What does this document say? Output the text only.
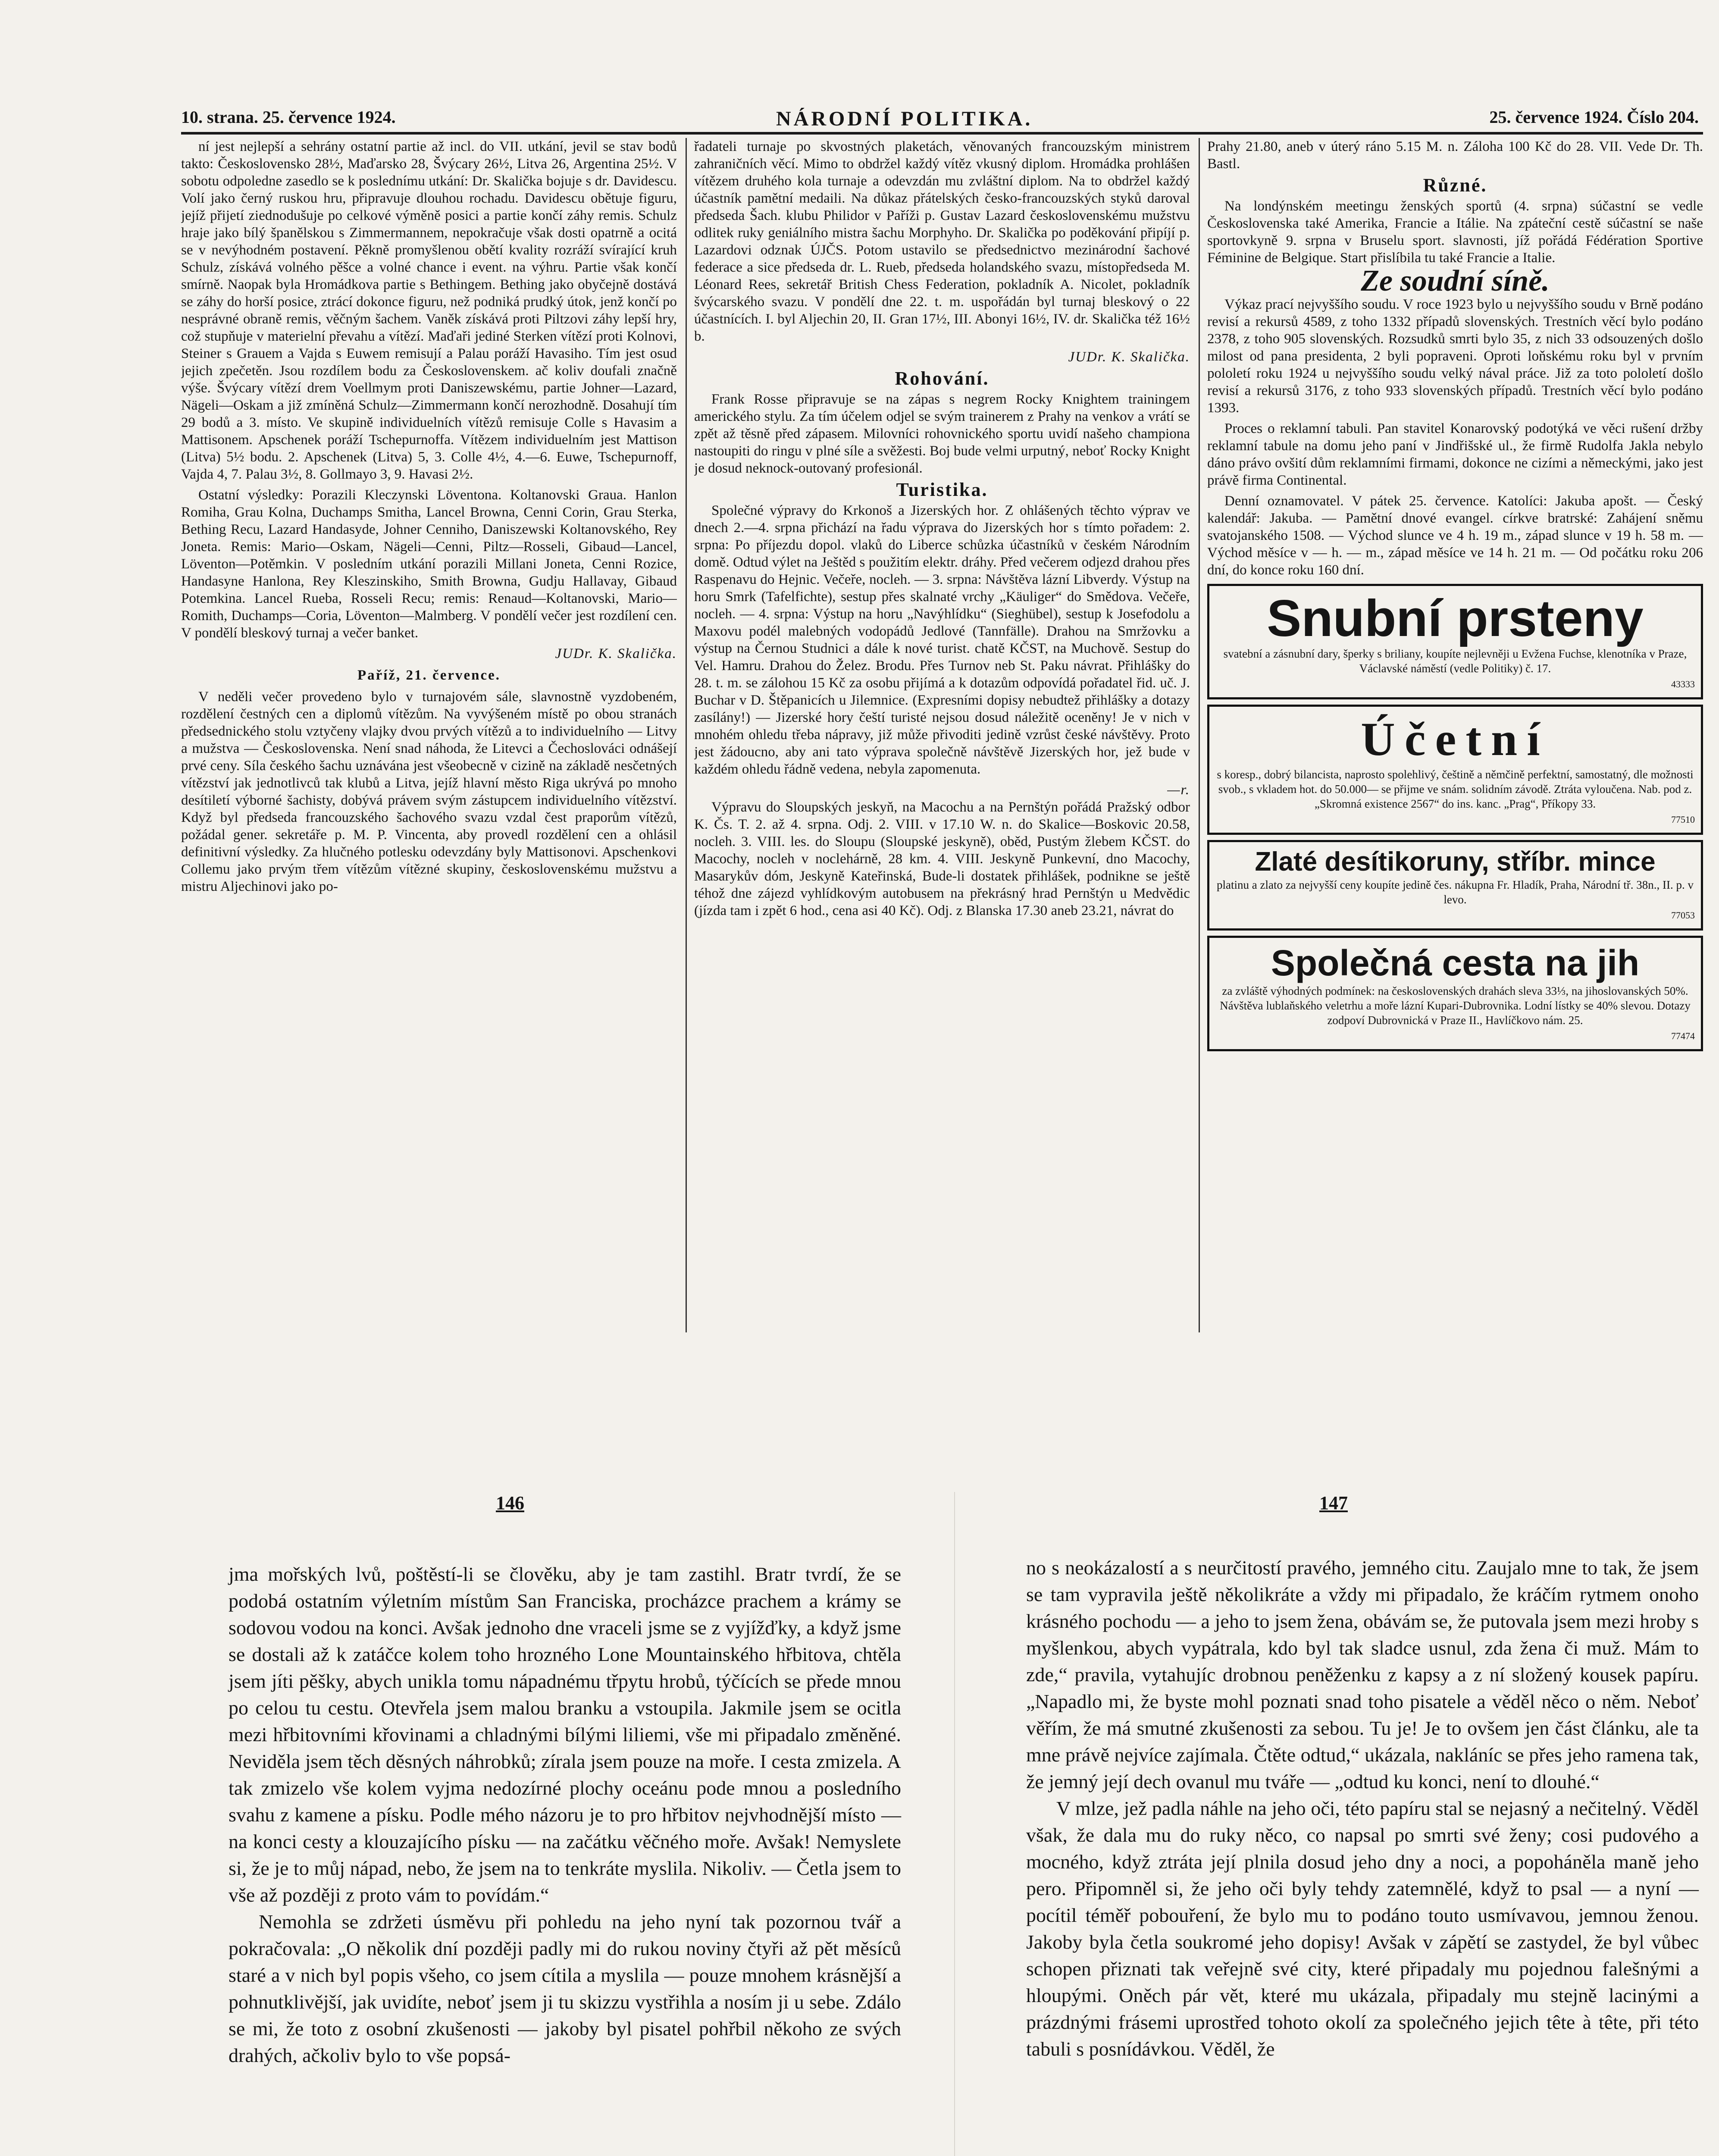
10. strana. 25. července 1924.	NÁRODNÍ POLITIKA.	25. července 1924. Číslo 204.

ní jest nejlepší a sehrány ostatní partie až incl. do VII. utkání, jevil se stav bodů takto: Československo 28½, Maďarsko 28, Švýcary 26½, Litva 26, Argentina 25½. V sobotu odpoledne zasedlo se k poslednímu utkání: Dr. Skalička bojuje s dr. Davidescu. Volí jako černý ruskou hru, připravuje dlouhou rochadu. Davidescu obětuje figuru, jejíž přijetí ziednodušuje po celkové výměně posici a partie končí záhy remis. Schulz hraje jako bílý španělskou s Zimmermannem, nepokračuje však dosti opatrně a ocitá se v nevýhodném postavení. Pěkně promyšlenou obětí kvality rozráží svírající kruh Schulz, získává volného pěšce a volné chance i event. na výhru. Partie však končí smírně. Naopak byla Hromádkova partie s Bethingem. Bething jako obyčejně dostává se záhy do horší posice, ztrácí dokonce figuru, než podniká prudký útok, jenž končí po nesprávné obraně remis, věčným šachem. Vaněk získává proti Piltzovi záhy lepší hry, což stupňuje v materielní převahu a vítězí. Maďaři jediné Sterken vítězí proti Kolnovi, Steiner s Grauem a Vajda s Euwem remisují a Palau poráží Havasiho. Tím jest osud jejich zpečetěn. Jsou rozdílem bodu za Československem. ač koliv doufali značně výše. Švýcary vítězí drem Voellmym proti Daniszewskému, partie Johner—Lazard, Nägeli—Oskam a již zmíněná Schulz—Zimmermann končí nerozhodně. Dosahují tím 29 bodů a 3. místo. Ve skupině individuelních vítězů remisuje Colle s Havasim a Mattisonem. Apschenek poráží Tschepurnoffa. Vítězem individuelním jest Mattison (Litva) 5½ bodu. 2. Apschenek (Litva) 5, 3. Colle 4½, 4.—6. Euwe, Tschepurnoff, Vajda 4, 7. Palau 3½, 8. Gollmayo 3, 9. Havasi 2½.

Ostatní výsledky: Porazili Kleczynski Löventona. Koltanovski Graua. Hanlon Romiha, Grau Kolna, Duchamps Smitha, Lancel Browna, Cenni Corin, Grau Sterka, Bething Recu, Lazard Handasyde, Johner Cenniho, Daniszewski Koltanovského, Rey Joneta. Remis: Mario—Oskam, Nägeli—Cenni, Piltz—Rosseli, Gibaud—Lancel, Löventon—Potěmkin. V posledním utkání porazili Millani Joneta, Cenni Rozice, Handasyne Hanlona, Rey Kleszinskiho, Smith Browna, Gudju Hallavay, Gibaud Potemkina. Lancel Rueba, Rosseli Recu; remis: Renaud—Koltanovski, Mario—Romith, Duchamps—Coria, Löventon—Malmberg. V pondělí večer jest rozdílení cen. V pondělí bleskový turnaj a večer banket.

JUDr. K. Skalička.
Paříž, 21. července.

V neděli večer provedeno bylo v turnajovém sále, slavnostně vyzdobeném, rozdělení čestných cen a diplomů vítězům. Na vyvýšeném místě po obou stranách předsednického stolu vztyčeny vlajky dvou prvých vítězů a to individuelního — Litvy a mužstva — Československa. Není snad náhoda, že Litevci a Čechoslováci odnášejí prvé ceny. Síla českého šachu uznávána jest všeobecně v cizině na základě nesčetných vítězství jak jednotlivců tak klubů a Litva, jejíž hlavní město Riga ukrývá po mnoho desítiletí výborné šachisty, dobývá právem svým zástupcem individuelního vítězství. Když byl předseda francouzského šachového svazu vzdal čest praporům vítězů, požádal gener. sekretáře p. M. P. Vincenta, aby provedl rozdělení cen a ohlásil definitivní výsledky. Za hlučného potlesku odevzdány byly Mattisonovi. Apschenkovi Collemu jako prvým třem vítězům vítězné skupiny, československému mužstvu a mistru Aljechinovi jako po-

řadateli turnaje po skvostných plaketách, věnovaných francouzským ministrem zahraničních věcí. Mimo to obdržel každý vítěz vkusný diplom. Hromádka prohlášen vítězem druhého kola turnaje a odevzdán mu zvláštní diplom. Na to obdržel každý účastník pamětní medaili. Na důkaz přátelských česko-francouzských styků daroval předseda Šach. klubu Philidor v Paříži p. Gustav Lazard československému mužstvu odlitek ruky geniálního mistra šachu Morphyho. Dr. Skalička po poděkování připíjí p. Lazardovi odznak ÚJČS. Potom ustavilo se předsednictvo mezinárodní šachové federace a sice předseda dr. L. Rueb, předseda holandského svazu, místopředseda M. Léonard Rees, sekretář British Chess Federation, pokladník A. Nicolet, pokladník švýcarského svazu. V pondělí dne 22. t. m. uspořádán byl turnaj bleskový o 22 účastnících. I. byl Aljechin 20, II. Gran 17½, III. Abonyi 16½, IV. dr. Skalička též 16½ b.

JUDr. K. Skalička.
Rohování.

Frank Rosse připravuje se na zápas s negrem Rocky Knightem trainingem amerického stylu. Za tím účelem odjel se svým trainerem z Prahy na venkov a vrátí se zpět až těsně před zápasem. Milovníci rohovnického sportu uvidí našeho championa nastoupiti do ringu v plné síle a svěžesti. Boj bude velmi urputný, neboť Rocky Knight je dosud neknock-outovaný profesionál.

Turistika.

Společné výpravy do Krkonoš a Jizerských hor. Z ohlášených těchto výprav ve dnech 2.—4. srpna přichází na řadu výprava do Jizerských hor s tímto pořadem: 2. srpna: Po příjezdu dopol. vlaků do Liberce schůzka účastníků v českém Národním domě. Odtud výlet na Ještěd s použitím elektr. dráhy. Před večerem odjezd drahou přes Raspenavu do Hejnic. Večeře, nocleh. — 3. srpna: Návštěva lázní Libverdy. Výstup na horu Smrk (Tafelfichte), sestup přes skalnaté vrchy „Käuliger“ do Smědova. Večeře, nocleh. — 4. srpna: Výstup na horu „Navýhlídku“ (Sieghübel), sestup k Josefodolu a Maxovu podél malebných vodopádů Jedlové (Tannfälle). Drahou na Smržovku a výstup na Černou Studnici a dále k nové turist. chatě KČST, na Muchově. Sestup do Vel. Hamru. Drahou do Želez. Brodu. Přes Turnov neb St. Paku návrat. Přihlášky do 28. t. m. se zálohou 15 Kč za osobu přijímá a k dotazům odpovídá pořadatel řid. uč. J. Buchar v D. Štěpanicích u Jilemnice. (Expresními dopisy nebudtež přihlášky a dotazy zasílány!) — Jizerské hory čeští turisté nejsou dosud náležitě oceněny! Je v nich v mnohém ohledu třeba nápravy, již může přivoditi jedině vzrůst české návštěvy. Proto jest žádoucno, aby ani tato výprava společně návštěvě Jizerských hor, jež bude v každém ohledu řádně vedena, nebyla zapomenuta.

—r.

Výpravu do Sloupských jeskyň, na Macochu a na Pernštýn pořádá Pražský odbor K. Čs. T. 2. až 4. srpna. Odj. 2. VIII. v 17.10 W. n. do Skalice—Boskovic 20.58, nocleh. 3. VIII. les. do Sloupu (Sloupské jeskyně), oběd, Pustým žlebem KČST. do Macochy, nocleh v noclehárně, 28 km. 4. VIII. Jeskyně Punkevní, dno Macochy, Masarykův dóm, Jeskyně Kateřinská, Bude-li dostatek přihlášek, podnikne se ještě téhož dne zájezd vyhlídkovým autobusem na překrásný hrad Pernštýn u Medvědic (jízda tam i zpět 6 hod., cena asi 40 Kč). Odj. z Blanska 17.30 aneb 23.21, návrat do

Prahy 21.80, aneb v úterý ráno 5.15 M. n. Záloha 100 Kč do 28. VII. Vede Dr. Th. Bastl.

Různé.

Na londýnském meetingu ženských sportů (4. srpna) súčastní se vedle Československa také Amerika, Francie a Itálie. Na zpáteční cestě súčastní se naše sportovkyně 9. srpna v Bruselu sport. slavnosti, jíž pořádá Fédération Sportive Féminine de Belgique. Start přislíbila tu také Francie a Italie.

Ze soudní síně.

Výkaz prací nejvyššího soudu. V roce 1923 bylo u nejvyššího soudu v Brně podáno revisí a rekursů 4589, z toho 1332 případů slovenských. Trestních věcí bylo podáno 2378, z toho 905 slovenských. Rozsudků smrti bylo 35, z nich 33 odsouzených došlo milost od pana presidenta, 2 byli popraveni. Oproti loňskému roku byl v prvním pololetí roku 1924 u nejvyššího soudu velký nával práce. Již za toto pololetí došlo revisí a rekursů 3176, z toho 933 slovenských případů. Trestních věcí bylo podáno 1393.

Proces o reklamní tabuli. Pan stavitel Konarovský podotýká ve věci rušení držby reklamní tabule na domu jeho paní v Jindřišské ul., že firmě Rudolfa Jakla nebylo dáno právo ovšití dům reklamními firmami, dokonce ne cizími a německými, jako jest právě firma Continental.

Denní oznamovatel. V pátek 25. července. Katolíci: Jakuba apošt. — Český kalendář: Jakuba. — Pamětní dnové evangel. církve bratrské: Zahájení sněmu svatojanského 1508. — Východ slunce ve 4 h. 19 m., západ slunce v 19 h. 58 m. — Východ měsíce v — h. — m., západ měsíce ve 14 h. 21 m. — Od počátku roku 206 dní, do konce roku 160 dní.

Snubní prsteny
svatební a zásnubní dary, šperky s briliany, koupíte nejlevněji u Evžena Fuchse, klenotníka v Praze, Václavské náměstí (vedle Politiky) č. 17.
43333
Účetní
s koresp., dobrý bilancista, naprosto spolehlivý, češtině a němčině perfektní, samostatný, dle možnosti svob., s vkladem hot. do 50.000— se přijme ve snám. solidním závodě. Ztráta vyloučena. Nab. pod z. „Skromná existence 2567“ do ins. kanc. „Prag“, Příkopy 33.
77510
Zlaté desítikoruny, stříbr. mince
platinu a zlato za nejvyšší ceny koupíte jedině čes. nákupna Fr. Hladík, Praha, Národní tř. 38n., II. p. v levo.
77053
Společná cesta na jih
za zvláště výhodných podmínek: na československých drahách sleva 33⅓, na jihoslovanských 50%. Návštěva lublaňského veletrhu a moře lázní Kupari-Dubrovnika. Lodní lístky se 40% slevou. Dotazy zodpoví Dubrovnická v Praze II., Havlíčkovo nám. 25.
77474
146	147

jma mořských lvů, poštěstí-li se člověku, aby je tam zastihl. Bratr tvrdí, že se podobá ostatním výletním místům San Franciska, procházce prachem a krámy se sodovou vodou na konci. Avšak jednoho dne vraceli jsme se z vyjížďky, a když jsme se dostali až k zatáčce kolem toho hrozného Lone Mountainského hřbitova, chtěla jsem jíti pěšky, abych unikla tomu nápadnému třpytu hrobů, týčících se přede mnou po celou tu cestu. Otevřela jsem malou branku a vstoupila. Jakmile jsem se ocitla mezi hřbitovními křovinami a chladnými bílými liliemi, vše mi připadalo změněné. Neviděla jsem těch děsných náhrobků; zírala jsem pouze na moře. I cesta zmizela. A tak zmizelo vše kolem vyjma nedozírné plochy oceánu pode mnou a posledního svahu z kamene a písku. Podle mého názoru je to pro hřbitov nejvhodnější místo — na konci cesty a klouzajícího písku — na začátku věčného moře. Avšak! Nemyslete si, že je to můj nápad, nebo, že jsem na to tenkráte myslila. Nikoliv. — Četla jsem to vše až později z proto vám to povídám.“

Nemohla se zdržeti úsměvu při pohledu na jeho nyní tak pozornou tvář a pokračovala: „O několik dní později padly mi do rukou noviny čtyři až pět měsíců staré a v nich byl popis všeho, co jsem cítila a myslila — pouze mnohem krásnější a pohnutklivější, jak uvidíte, neboť jsem ji tu skizzu vystřihla a nosím ji u sebe. Zdálo se mi, že toto z osobní zkušenosti — jakoby byl pisatel pohřbil někoho ze svých drahých, ačkoliv bylo to vše popsá-

no s neokázalostí a s neurčitostí pravého, jemného citu. Zaujalo mne to tak, že jsem se tam vypravila ještě několikráte a vždy mi připadalo, že kráčím rytmem onoho krásného pochodu — a jeho to jsem žena, obávám se, že putovala jsem mezi hroby s myšlenkou, abych vypátrala, kdo byl tak sladce usnul, zda žena či muž. Mám to zde,“ pravila, vytahujíc drobnou peněženku z kapsy a z ní složený kousek papíru. „Napadlo mi, že byste mohl poznati snad toho pisatele a věděl něco o něm. Neboť věřím, že má smutné zkušenosti za sebou. Tu je! Je to ovšem jen část článku, ale ta mne právě nejvíce zajímala. Čtěte odtud,“ ukázala, nakláníc se přes jeho ramena tak, že jemný její dech ovanul mu tváře — „odtud ku konci, není to dlouhé.“

V mlze, jež padla náhle na jeho oči, této papíru stal se nejasný a nečitelný. Věděl však, že dala mu do ruky něco, co napsal po smrti své ženy; cosi pudového a mocného, když ztráta její plnila dosud jeho dny a noci, a popoháněla maně jeho pero. Připomněl si, že jeho oči byly tehdy zatemnělé, když to psal — a nyní — pocítil téměř pobouření, že bylo mu to podáno touto usmívavou, jemnou ženou. Jakoby byla četla soukromé jeho dopisy! Avšak v zápětí se zastydel, že byl vůbec schopen přiznati tak veřejně své city, které připadaly mu pojednou falešnými a hloupými. Oněch pár vět, které mu ukázala, připadaly mu stejně lacinými a prázdnými frásemi uprostřed tohoto okolí za společného jejich tête à tête, při této tabuli s posnídávkou. Věděl, že
